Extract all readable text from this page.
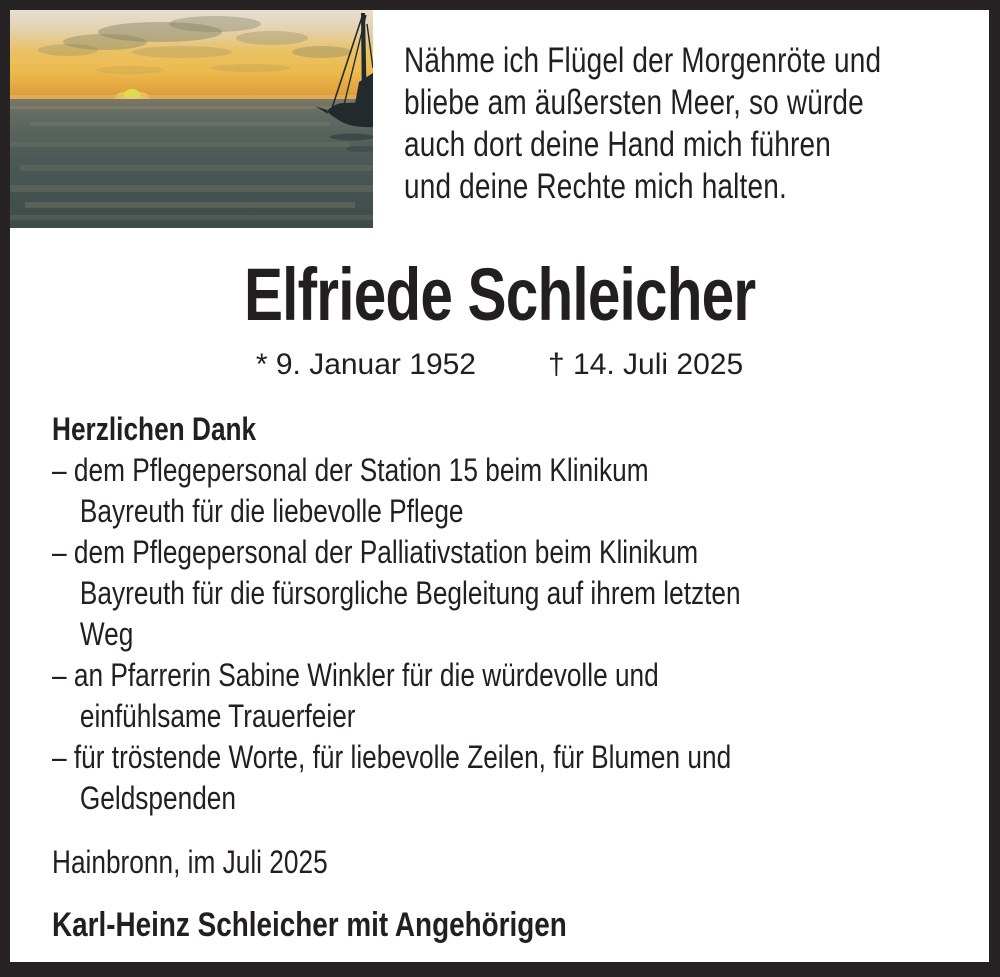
Nähme ich Flügel der Morgenröte und
bliebe am äußersten Meer, so würde
auch dort deine Hand mich führen
und deine Rechte mich halten.
Elfriede Schleicher
* 9. Januar 1952 † 14. Juli 2025
Herzlichen Dank
– dem Pflegepersonal der Station 15 beim Klinikum
Bayreuth für die liebevolle Pflege
– dem Pflegepersonal der Palliativstation beim Klinikum
Bayreuth für die fürsorgliche Begleitung auf ihrem letzten
Weg
– an Pfarrerin Sabine Winkler für die würdevolle und
einfühlsame Trauerfeier
– für tröstende Worte, für liebevolle Zeilen, für Blumen und
Geldspenden
Hainbronn, im Juli 2025
Karl-Heinz Schleicher mit Angehörigen
